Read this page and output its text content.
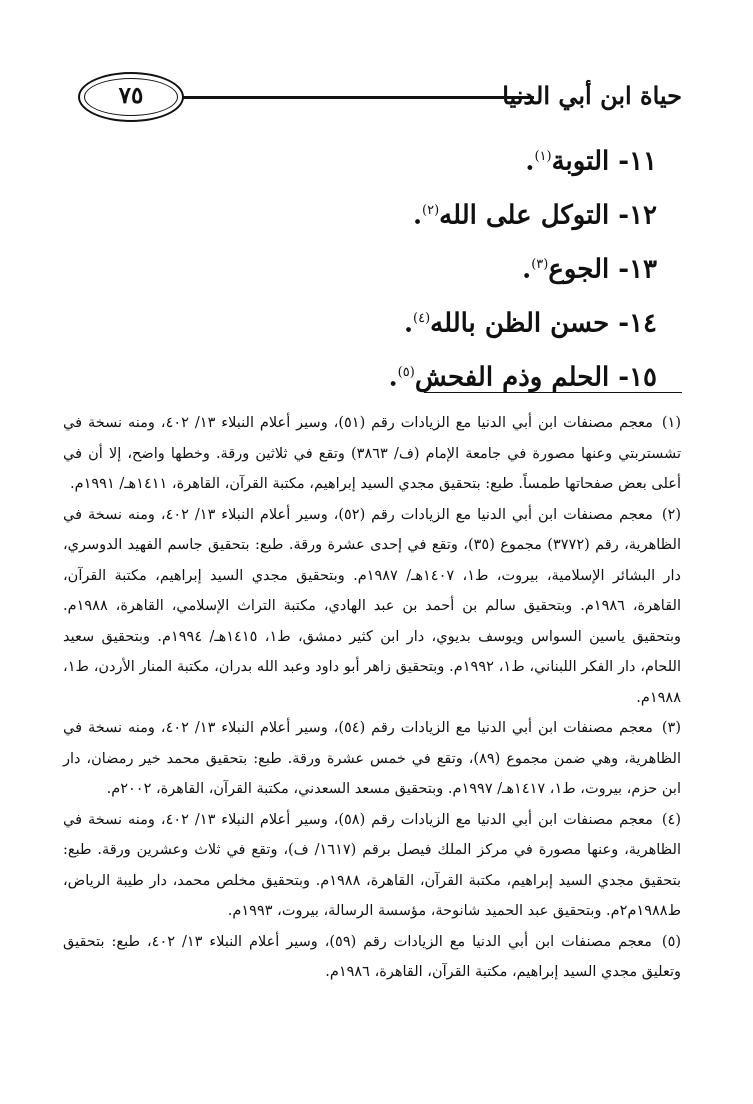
٧٥	حياة ابن أبي الدنيا
١١- التوبة$^{(١)}$.
١٢- التوكل على الله$^{(٢)}$.
١٣- الجوع$^{(٣)}$.
١٤- حسن الظن بالله$^{(٤)}$.
١٥- الحلم وذم الفحش$^{(٥)}$.

(١) معجم مصنفات ابن أبي الدنيا مع الزيادات رقم (٥١)، وسير أعلام النبلاء ١٣/ ٤٠٢، ومنه نسخة في تشستربتي وعنها مصورة في جامعة الإمام (ف/ ٣٨٦٣) وتقع في ثلاثين ورقة. وخطها واضح، إلا أن في أعلى بعض صفحاتها طمساً. طبع: بتحقيق مجدي السيد إبراهيم، مكتبة القرآن، القاهرة، ١٤١١هـ/ ١٩٩١م.

(٢) معجم مصنفات ابن أبي الدنيا مع الزيادات رقم (٥٢)، وسير أعلام النبلاء ١٣/ ٤٠٢، ومنه نسخة في الظاهرية، رقم (٣٧٧٢) مجموع (٣٥)، وتقع في إحدى عشرة ورقة. طبع: بتحقيق جاسم الفهيد الدوسري، دار البشائر الإسلامية، بيروت، ط١، ١٤٠٧هـ/ ١٩٨٧م. وبتحقيق مجدي السيد إبراهيم، مكتبة القرآن، القاهرة، ١٩٨٦م. وبتحقيق سالم بن أحمد بن عبد الهادي، مكتبة التراث الإسلامي، القاهرة، ١٩٨٨م. وبتحقيق ياسين السواس ويوسف بديوي، دار ابن كثير دمشق، ط١، ١٤١٥هـ/ ١٩٩٤م. وبتحقيق سعيد اللحام، دار الفكر اللبناني، ط١، ١٩٩٢م. وبتحقيق زاهر أبو داود وعبد الله بدران، مكتبة المنار الأردن، ط١، ١٩٨٨م.

(٣) معجم مصنفات ابن أبي الدنيا مع الزيادات رقم (٥٤)، وسير أعلام النبلاء ١٣/ ٤٠٢، ومنه نسخة في الظاهرية، وهي ضمن مجموع (٨٩)، وتقع في خمس عشرة ورقة. طبع: بتحقيق محمد خير رمضان، دار ابن حزم، بيروت، ط١، ١٤١٧هـ/ ١٩٩٧م. وبتحقيق مسعد السعدني، مكتبة القرآن، القاهرة، ٢٠٠٢م.

(٤) معجم مصنفات ابن أبي الدنيا مع الزيادات رقم (٥٨)، وسير أعلام النبلاء ١٣/ ٤٠٢، ومنه نسخة في الظاهرية، وعنها مصورة في مركز الملك فيصل برقم (١٦١٧/ ف)، وتقع في ثلاث وعشرين ورقة. طبع: بتحقيق مجدي السيد إبراهيم، مكتبة القرآن، القاهرة، ١٩٨٨م. وبتحقيق مخلص محمد، دار طيبة الرياض، ط١٩٨٨م٢م. وبتحقيق عبد الحميد شانوحة، مؤسسة الرسالة، بيروت، ١٩٩٣م.

(٥) معجم مصنفات ابن أبي الدنيا مع الزيادات رقم (٥٩)، وسير أعلام النبلاء ١٣/ ٤٠٢، طبع: بتحقيق وتعليق مجدي السيد إبراهيم، مكتبة القرآن، القاهرة، ١٩٨٦م.
